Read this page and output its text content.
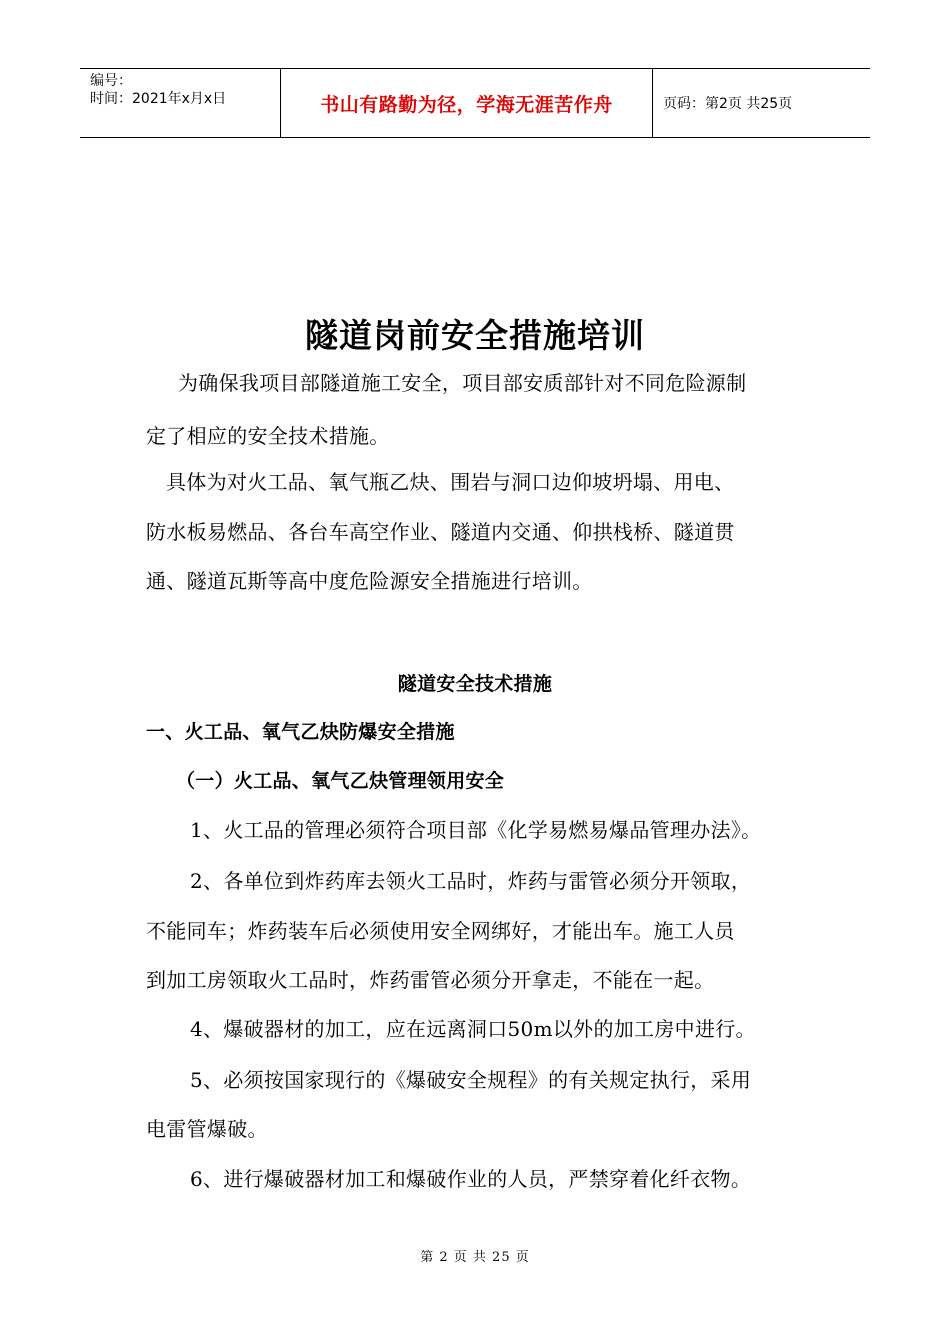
编号：
时间：2021年x月x日	书山有路勤为径，学海无涯苦作舟	页码：第2页 共25页
隧道岗前安全措施培训
为确保我项目部隧道施工安全，项目部安质部针对不同危险源制
定了相应的安全技术措施。
具体为对火工品、氧气瓶乙炔、围岩与洞口边仰坡坍塌、用电、
防水板易燃品、各台车高空作业、隧道内交通、仰拱栈桥、隧道贯
通、隧道瓦斯等高中度危险源安全措施进行培训。
隧道安全技术措施
一、火工品、氧气乙炔防爆安全措施
（一）火工品、氧气乙炔管理领用安全
1、火工品的管理必须符合项目部《化学易燃易爆品管理办法》。
2、各单位到炸药库去领火工品时，炸药与雷管必须分开领取，
不能同车；炸药装车后必须使用安全网绑好，才能出车。施工人员
到加工房领取火工品时，炸药雷管必须分开拿走，不能在一起。
4、爆破器材的加工，应在远离洞口50m以外的加工房中进行。
5、必须按国家现行的《爆破安全规程》的有关规定执行，采用
电雷管爆破。
6、进行爆破器材加工和爆破作业的人员，严禁穿着化纤衣物。
第 2 页 共 25 页
